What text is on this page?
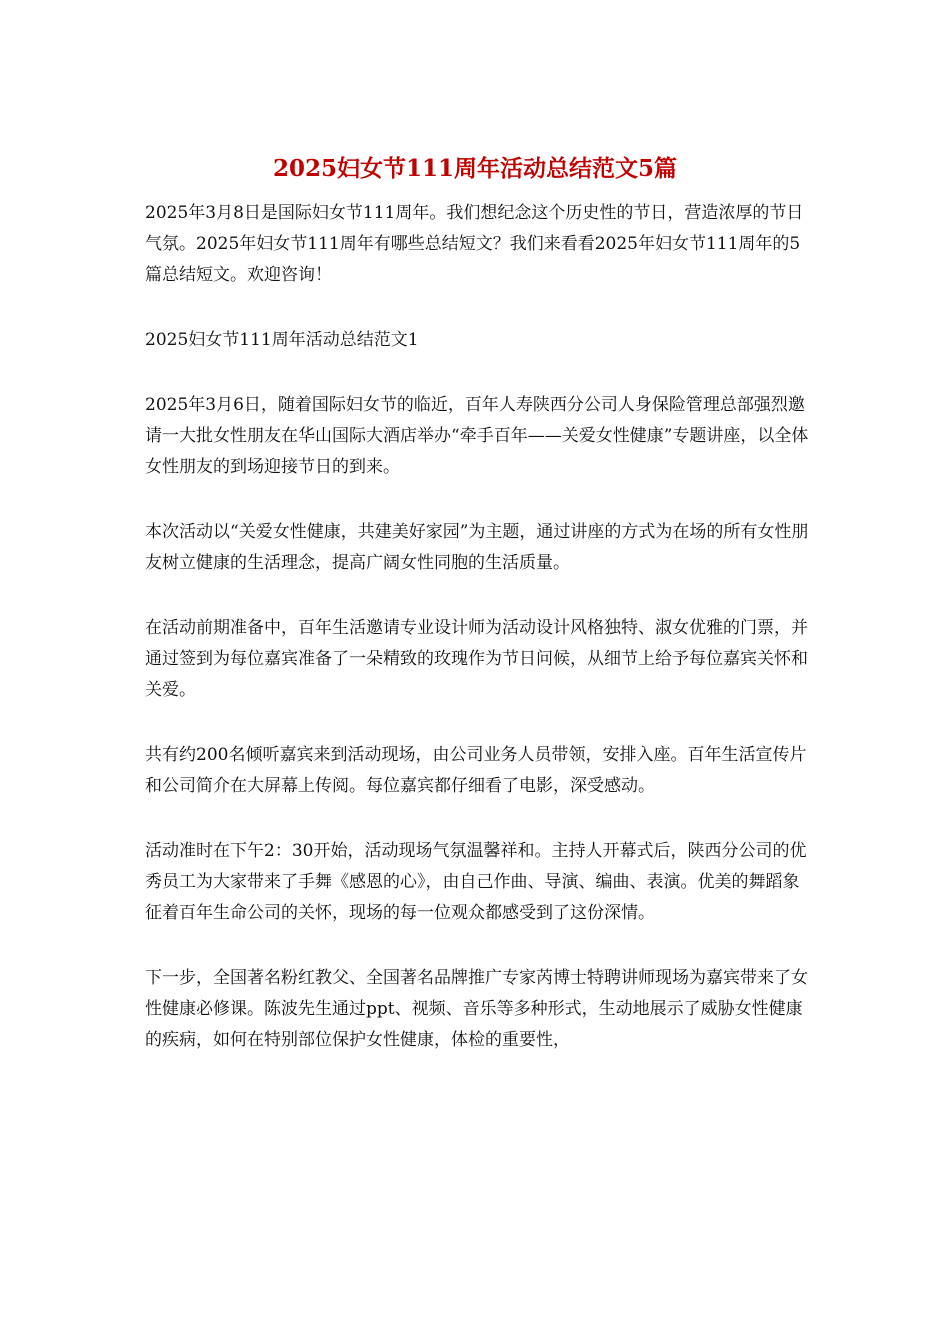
2025妇女节111周年活动总结范文5篇

2025年3月8日是国际妇女节111周年。我们想纪念这个历史性的节日，营造浓厚的节日气氛。2025年妇女节111周年有哪些总结短文？我们来看看2025年妇女节111周年的5篇总结短文。欢迎咨询！

2025妇女节111周年活动总结范文1

2025年3月6日，随着国际妇女节的临近，百年人寿陕西分公司人身保险管理总部强烈邀请一大批女性朋友在华山国际大酒店举办“牵手百年——关爱女性健康”专题讲座，以全体女性朋友的到场迎接节日的到来。

本次活动以“关爱女性健康，共建美好家园”为主题，通过讲座的方式为在场的所有女性朋友树立健康的生活理念，提高广阔女性同胞的生活质量。

在活动前期准备中，百年生活邀请专业设计师为活动设计风格独特、淑女优雅的门票，并通过签到为每位嘉宾准备了一朵精致的玫瑰作为节日问候，从细节上给予每位嘉宾关怀和关爱。

共有约200名倾听嘉宾来到活动现场，由公司业务人员带领，安排入座。百年生活宣传片和公司简介在大屏幕上传阅。每位嘉宾都仔细看了电影，深受感动。

活动准时在下午2：30开始，活动现场气氛温馨祥和。主持人开幕式后，陕西分公司的优秀员工为大家带来了手舞《感恩的心》，由自己作曲、导演、编曲、表演。优美的舞蹈象征着百年生命公司的关怀，现场的每一位观众都感受到了这份深情。

下一步，全国著名粉红教父、全国著名品牌推广专家芮博士特聘讲师现场为嘉宾带来了女性健康必修课。陈波先生通过ppt、视频、音乐等多种形式，生动地展示了威胁女性健康的疾病，如何在特别部位保护女性健康，体检的重要性，
